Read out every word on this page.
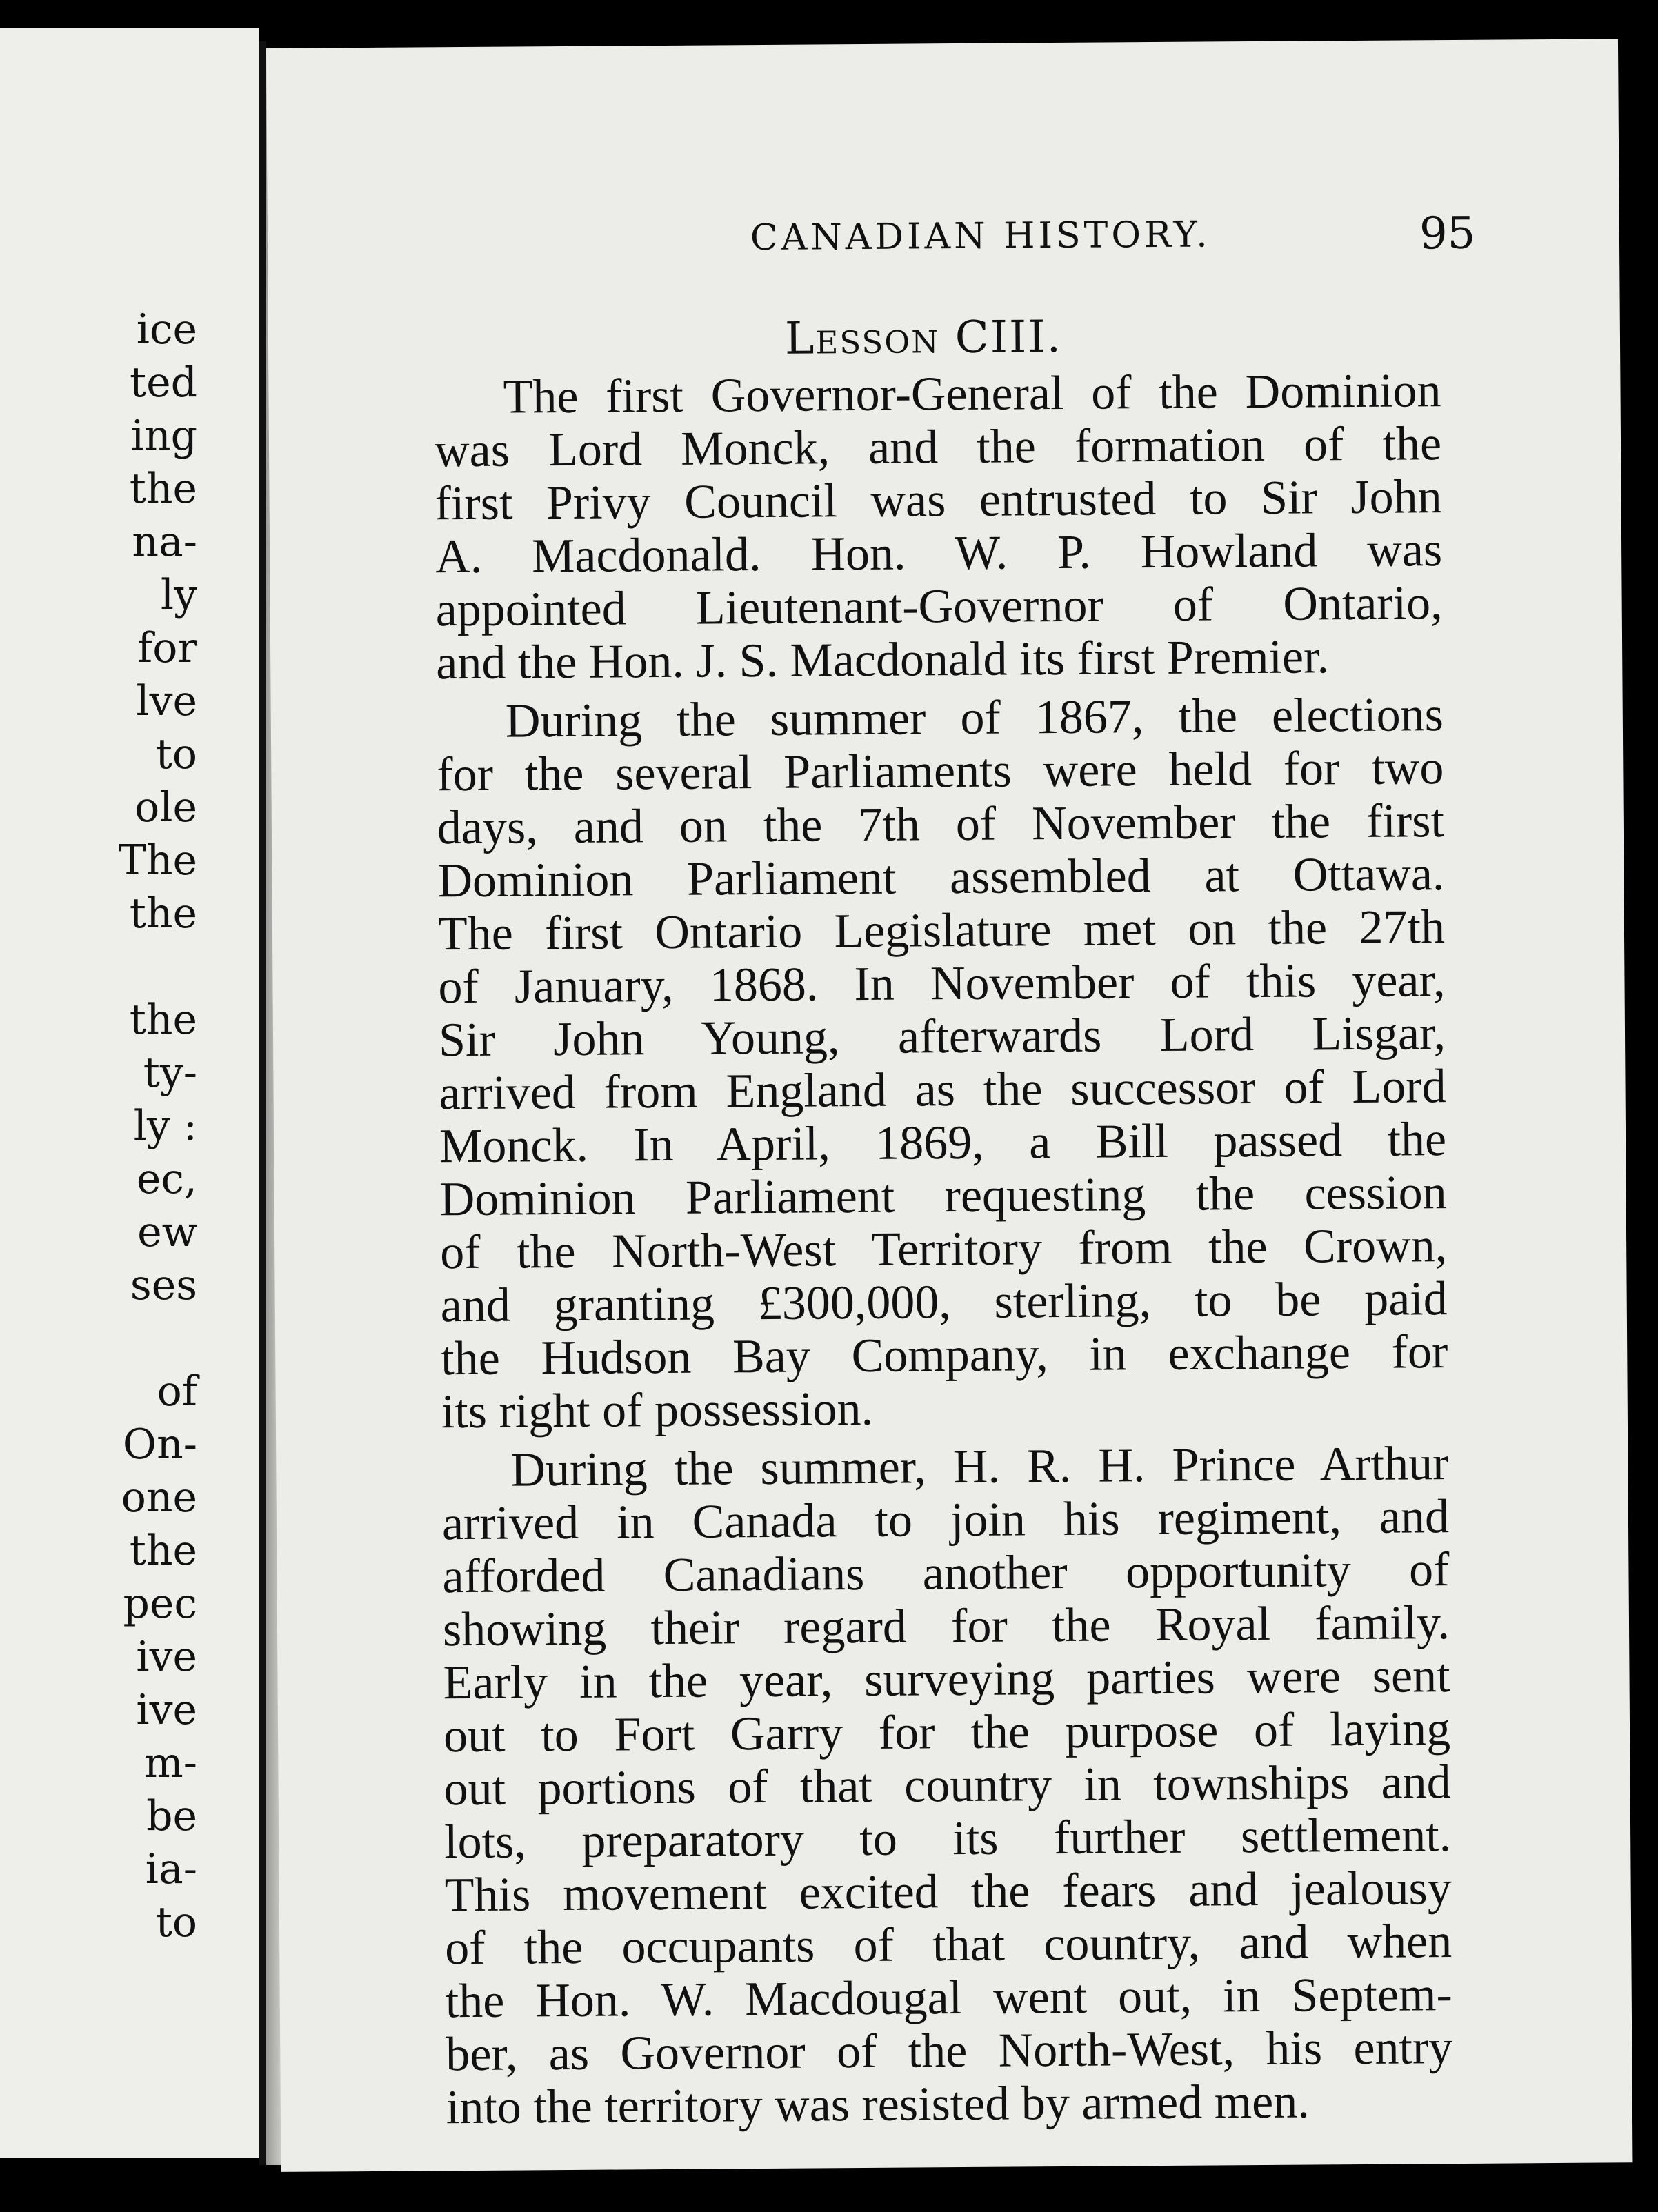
ice
ted
ing
the
na-
ly
for
lve
to
ole
The
the
the
ty-
ly :
ec,
ew
ses
of
On-
one
the
pec
ive
ive
m-
be
ia-
to
CANADIAN HISTORY.	95
Lesson CIII.
The first Governor-General of the Dominion
was Lord Monck, and the formation of the
first Privy Council was entrusted to Sir John
A. Macdonald. Hon. W. P. Howland was
appointed Lieutenant-Governor of Ontario,
and the Hon. J. S. Macdonald its first Premier.
During the summer of 1867, the elections
for the several Parliaments were held for two
days, and on the 7th of November the first
Dominion Parliament assembled at Ottawa.
The first Ontario Legislature met on the 27th
of January, 1868. In November of this year,
Sir John Young, afterwards Lord Lisgar,
arrived from England as the successor of Lord
Monck. In April, 1869, a Bill passed the
Dominion Parliament requesting the cession
of the North-West Territory from the Crown,
and granting £300,000, sterling, to be paid
the Hudson Bay Company, in exchange for
its right of possession.
During the summer, H. R. H. Prince Arthur
arrived in Canada to join his regiment, and
afforded Canadians another opportunity of
showing their regard for the Royal family.
Early in the year, surveying parties were sent
out to Fort Garry for the purpose of laying
out portions of that country in townships and
lots, preparatory to its further settlement.
This movement excited the fears and jealousy
of the occupants of that country, and when
the Hon. W. Macdougal went out, in Septem-
ber, as Governor of the North-West, his entry
into the territory was resisted by armed men.
